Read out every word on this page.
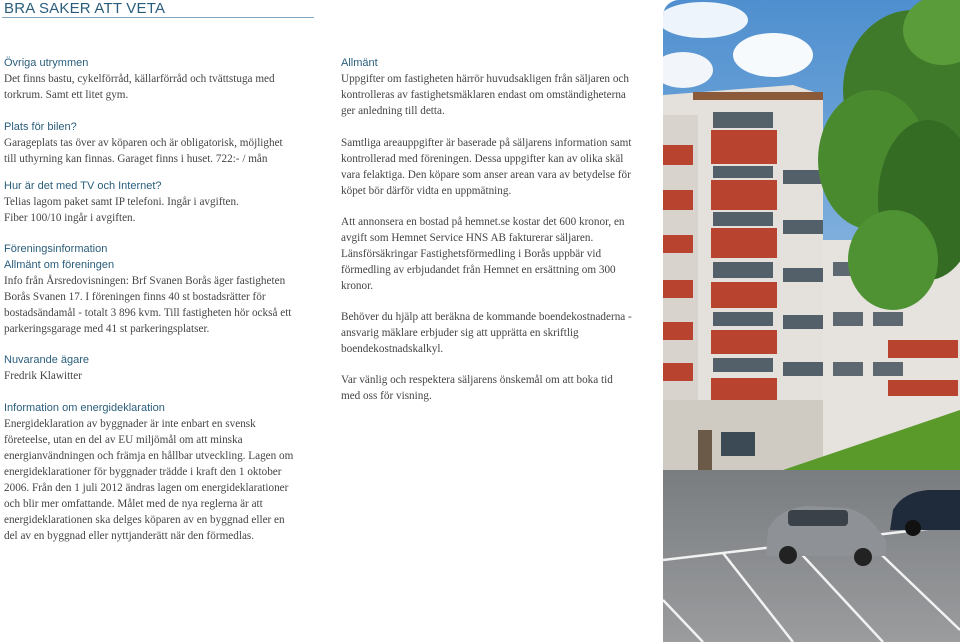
BRA SAKER ATT VETA
Övriga utrymmen
Det finns bastu, cykelförråd, källarförråd och tvättstuga med
torkrum. Samt ett litet gym.
Plats för bilen?
Garageplats tas över av köparen och är obligatorisk, möjlighet
till uthyrning kan finnas. Garaget finns i huset. 722:- / mån
Hur är det med TV och Internet?
Telias lagom paket samt IP telefoni. Ingår i avgiften.
Fiber 100/10 ingår i avgiften.
Föreningsinformation
Allmänt om föreningen
Info från Årsredovisningen: Brf Svanen Borås äger fastigheten
Borås Svanen 17. I föreningen finns 40 st bostadsrätter för
bostadsändamål - totalt 3 896 kvm. Till fastigheten hör också ett
parkeringsgarage med 41 st parkeringsplatser.
Nuvarande ägare
Fredrik Klawitter
Information om energideklaration
Energideklaration av byggnader är inte enbart en svensk
företeelse, utan en del av EU miljömål om att minska
energianvändningen och främja en hållbar utveckling. Lagen om
energideklarationer för byggnader trädde i kraft den 1 oktober
2006. Från den 1 juli 2012 ändras lagen om energideklarationer
och blir mer omfattande. Målet med de nya reglerna är att
energideklarationen ska delges köparen av en byggnad eller en
del av en byggnad eller nyttjanderätt när den förmedlas.
Allmänt
Uppgifter om fastigheten härrör huvudsakligen från säljaren och
kontrolleras av fastighetsmäklaren endast om omständigheterna
ger anledning till detta.
Samtliga areauppgifter är baserade på säljarens information samt
kontrollerad med föreningen. Dessa uppgifter kan av olika skäl
vara felaktiga. Den köpare som anser arean vara av betydelse för
köpet bör därför vidta en uppmätning.
Att annonsera en bostad på hemnet.se kostar det 600 kronor, en
avgift som Hemnet Service HNS AB fakturerar säljaren.
Länsförsäkringar Fastighetsförmedling i Borås uppbär vid
förmedling av erbjudandet från Hemnet en ersättning om 300
kronor.
Behöver du hjälp att beräkna de kommande boendekostnaderna -
ansvarig mäklare erbjuder sig att upprätta en skriftlig
boendekostnadskalkyl.
Var vänlig och respektera säljarens önskemål om att boka tid
med oss för visning.
